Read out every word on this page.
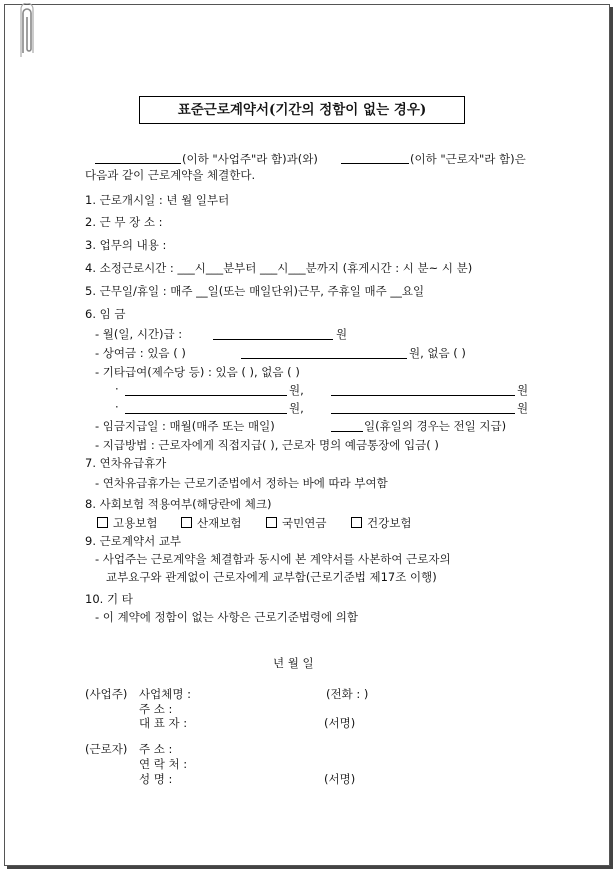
표준근로계약서(기간의 정함이 없는 경우)
(이하 "사업주"라 함)과(와)	(이하 "근로자"라 함)은
다음과 같이 근로계약을 체결한다.
1. 근로개시일 : 년 월 일부터
2. 근 무 장 소 :
3. 업무의 내용 :
4. 소정근로시간 : ___시___분부터 ___시___분까지 (휴게시간 : 시 분~ 시 분)
5. 근무일/휴일 : 매주 __일(또는 매일단위)근무, 주휴일 매주 __요일
6. 임 금
- 월(일, 시간)급 :	원
- 상여금 : 있음 ( )	원, 없음 ( )
- 기타급여(제수당 등) : 있음 ( ), 없음 ( )
·	원,	원
·	원,	원
- 임금지급일 : 매월(매주 또는 매일)	일(휴일의 경우는 전일 지급)
- 지급방법 : 근로자에게 직접지급( ), 근로자 명의 예금통장에 입금( )
7. 연차유급휴가
- 연차유급휴가는 근로기준법에서 정하는 바에 따라 부여함
8. 사회보험 적용여부(해당란에 체크)
고용보험	산재보험	국민연금	건강보험
9. 근로계약서 교부
- 사업주는 근로계약을 체결함과 동시에 본 계약서를 사본하여 근로자의
교부요구와 관계없이 근로자에게 교부함(근로기준법 제17조 이행)
10. 기 타
- 이 계약에 정함이 없는 사항은 근로기준법령에 의함
년 월 일
(사업주) 사업체명 :	(전화 : )
주 소 :
대 표 자 :	(서명)
(근로자) 주 소 :
연 락 처 :
성 명 :	(서명)
